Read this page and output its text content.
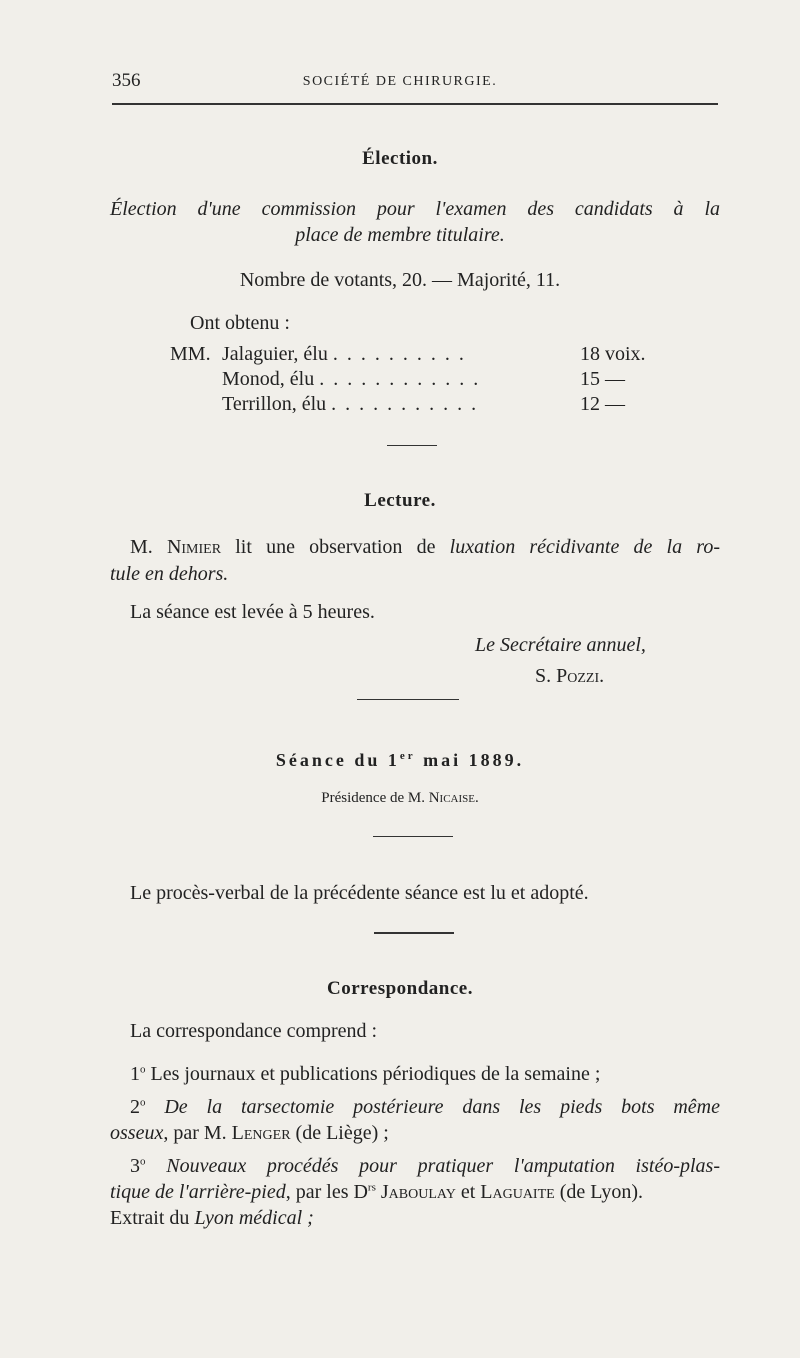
356	SOCIÉTÉ DE CHIRURGIE.
Élection.
Élection d'une commission pour l'examen des candidats à la
place de membre titulaire.
Nombre de votants, 20. — Majorité, 11.
Ont obtenu :
MM. Jalaguier, élu . . . . . . . . . .	18 voix.
Monod, élu . . . . . . . . . . . .	15 —
Terrillon, élu . . . . . . . . . . .	12 —
Lecture.
M. Nimier lit une observation de luxation récidivante de la ro-
tule en dehors.
La séance est levée à 5 heures.
Le Secrétaire annuel,
S. Pozzi.
Séance du 1er mai 1889.
Présidence de M. Nicaise.
Le procès-verbal de la précédente séance est lu et adopté.
Correspondance.
La correspondance comprend :
1$^o$ Les journaux et publications périodiques de la semaine ;
2$^o$ De la tarsectomie postérieure dans les pieds bots même
osseux, par M. Lenger (de Liège) ;
3$^o$ Nouveaux procédés pour pratiquer l'amputation istéo-plas-
tique de l'arrière-pied, par les $D^{rs}$ Jaboulay et Laguaite (de Lyon).
Extrait du Lyon médical ;
